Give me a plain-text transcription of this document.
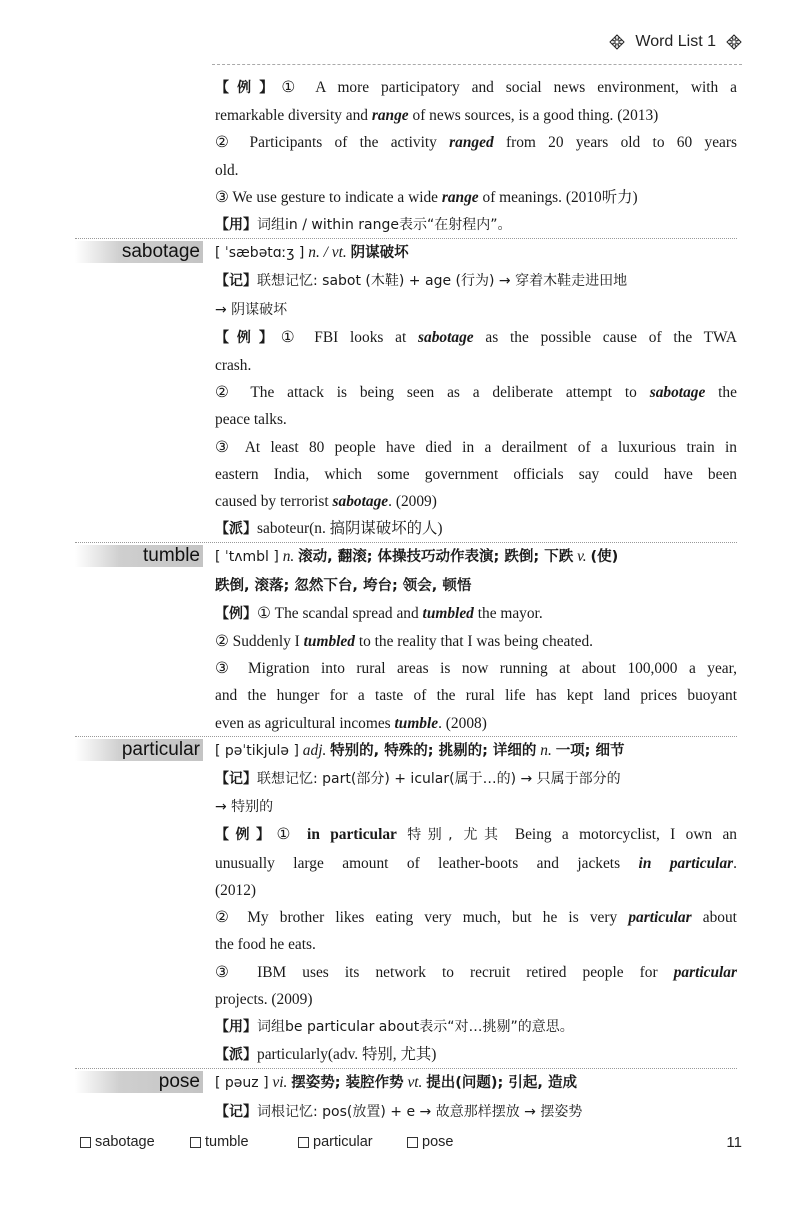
Word List 1
【例】① A more participatory and social news environment, with a
remarkable diversity and range of news sources, is a good thing. (2013)
② Participants of the activity ranged from 20 years old to 60 years
old.
③ We use gesture to indicate a wide range of meanings. (2010听力)
【用】词组in / within range表示“在射程内”。
sabotage [ ˈsæbətɑːʒ ] n. / vt. 阴谋破坏
【记】联想记忆: sabot (木鞋) + age (行为) → 穿着木鞋走进田地
→ 阴谋破坏
【例】① FBI looks at sabotage as the possible cause of the TWA
crash.
② The attack is being seen as a deliberate attempt to sabotage the
peace talks.
③ At least 80 people have died in a derailment of a luxurious train in
eastern India, which some government officials say could have been
caused by terrorist sabotage. (2009)
【派】saboteur(n. 搞阴谋破坏的人)
tumble [ ˈtʌmbl ] n. 滚动, 翻滚; 体操技巧动作表演; 跌倒; 下跌 v. (使)
跌倒, 滚落; 忽然下台, 垮台; 领会, 顿悟
【例】① The scandal spread and tumbled the mayor.
② Suddenly I tumbled to the reality that I was being cheated.
③ Migration into rural areas is now running at about 100,000 a year,
and the hunger for a taste of the rural life has kept land prices buoyant
even as agricultural incomes tumble. (2008)
particular [ pəˈtikjulə ] adj. 特别的, 特殊的; 挑剔的; 详细的 n. 一项; 细节
【记】联想记忆: part(部分) + icular(属于…的) → 只属于部分的
→ 特别的
【例】① in particular 特别, 尤其 Being a motorcyclist, I own an
unusually large amount of leather-boots and jackets in particular.
(2012)
② My brother likes eating very much, but he is very particular about
the food he eats.
③ IBM uses its network to recruit retired people for particular
projects. (2009)
【用】词组be particular about表示“对…挑剔”的意思。
【派】particularly(adv. 特别, 尤其)
pose [ pəuz ] vi. 摆姿势; 装腔作势 vt. 提出(问题); 引起, 造成
【记】词根记忆: pos(放置) + e → 故意那样摆放 → 摆姿势
sabotage	tumble	particular	pose	11
